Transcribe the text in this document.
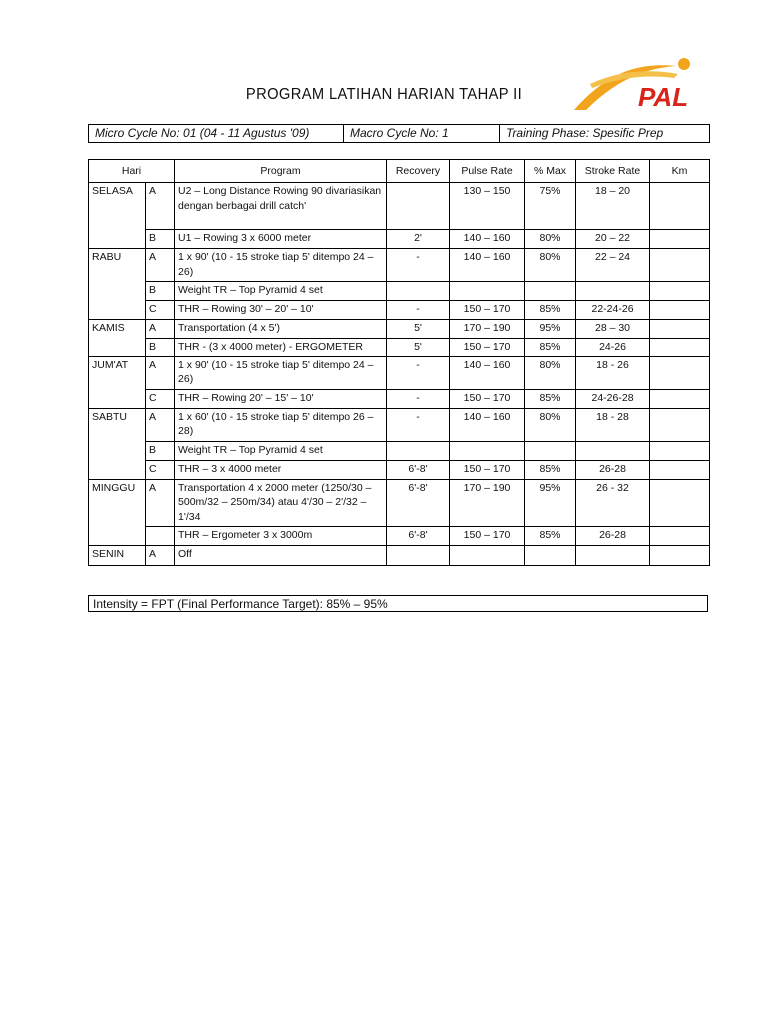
PROGRAM LATIHAN HARIAN TAHAP II	PAL
Micro Cycle No: 01 (04 - 11 Agustus '09)	Macro Cycle No: 1	Training Phase: Spesific Prep
Hari		Program	Recovery	Pulse Rate	% Max	Stroke Rate	Km
SELASA	A	U2 – Long Distance Rowing 90 divariasikan dengan berbagai drill catch'		130 – 150	75%	18 – 20	
	B	U1 – Rowing 3 x 6000 meter	2'	140 – 160	80%	20 – 22	
RABU	A	1 x 90' (10 - 15 stroke tiap 5' ditempo 24 – 26)	-	140 – 160	80%	22 – 24	
	B	Weight TR – Top Pyramid 4 set					
	C	THR – Rowing 30' – 20' – 10'	-	150 – 170	85%	22-24-26	
KAMIS	A	Transportation (4 x 5')	5'	170 – 190	95%	28 – 30	
	B	THR - (3 x 4000 meter) - ERGOMETER	5'	150 – 170	85%	24-26	
JUM'AT	A	1 x 90' (10 - 15 stroke tiap 5' ditempo 24 – 26)	-	140 – 160	80%	18 - 26	
	C	THR – Rowing 20' – 15' – 10'	-	150 – 170	85%	24-26-28	
SABTU	A	1 x 60' (10 - 15 stroke tiap 5' ditempo 26 – 28)	-	140 – 160	80%	18 - 28	
	B	Weight TR – Top Pyramid 4 set					
	C	THR – 3 x 4000 meter	6'-8'	150 – 170	85%	26-28	
MINGGU	A	Transportation 4 x 2000 meter (1250/30 – 500m/32 – 250m/34) atau 4'/30 – 2'/32 – 1'/34	6'-8'	170 – 190	95%	26 - 32	
		THR – Ergometer 3 x 3000m	6'-8'	150 – 170	85%	26-28	
SENIN	A	Off					
Intensity = FPT (Final Performance Target): 85% – 95%
